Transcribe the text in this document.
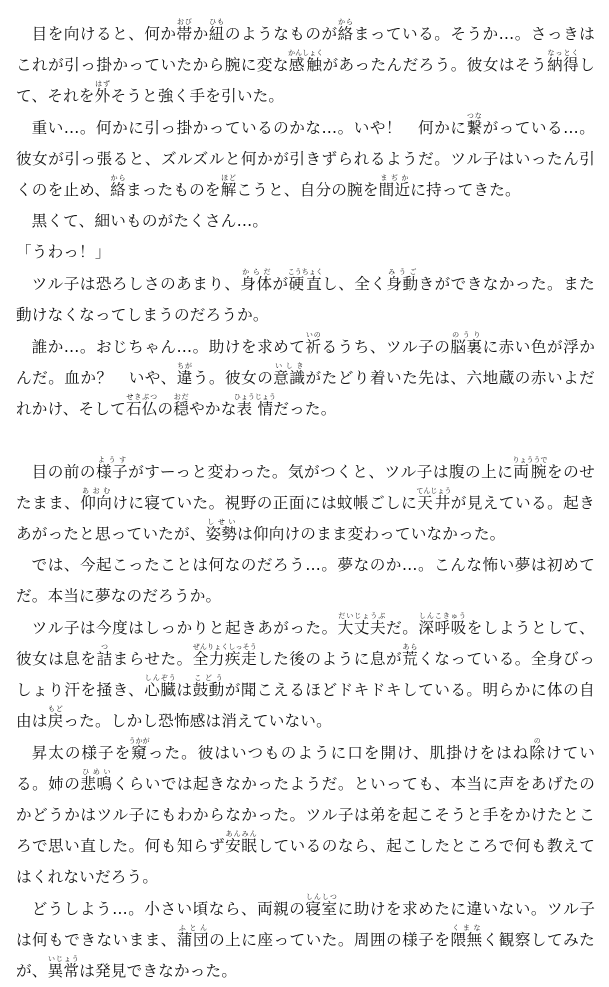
目を向けると、何か帯おびか紐ひものようなものが絡からまっている。そうか…。さっきはこれが引っ掛かっていたから腕に変な感触かんしょくがあったんだろう。彼女はそう納得なっとくして、それを外はずそうと強く手を引いた。

重い…。何かに引っ掛かっているのかな…。いや！　何かに繋つながっている…。彼女が引っ張ると、ズルズルと何かが引きずられるようだ。ツル子はいったん引くのを止め、絡からまったものを解ほどこうと、自分の腕を間近まぢかに持ってきた。

黒くて、細いものがたくさん…。

「うわっ！」

ツル子は恐ろしさのあまり、身体からだが硬直こうちょくし、全く身動みうごきができなかった。また動けなくなってしまうのだろうか。

誰か…。おじちゃん…。助けを求めて祈いのるうち、ツル子の脳裏のうりに赤い色が浮かんだ。血か？　いや、違ちがう。彼女の意識いしきがたどり着いた先は、六地蔵の赤いよだれかけ、そして石仏せきぶつの穏おだやかな表情ひょうじょうだった。

目の前の様子ようすがすーっと変わった。気がつくと、ツル子は腹の上に両腕りょううでをのせたまま、仰向あおむけに寝ていた。視野の正面には蚊帳ごしに天井てんじょうが見えている。起きあがったと思っていたが、姿勢しせいは仰向けのまま変わっていなかった。

では、今起こったことは何なのだろう…。夢なのか…。こんな怖い夢は初めてだ。本当に夢なのだろうか。

ツル子は今度はしっかりと起きあがった。大丈夫だいじょうぶだ。深呼吸しんこきゅうをしようとして、彼女は息を詰つまらせた。全力疾走ぜんりょくしっそうした後のように息が荒あらくなっている。全身びっしょり汗を掻き、心臓しんぞうは鼓動こどうが聞こえるほどドキドキしている。明らかに体の自由は戻もどった。しかし恐怖感は消えていない。

昇太の様子を窺うかがった。彼はいつものように口を開け、肌掛けをはね除のけている。姉の悲鳴ひめいくらいでは起きなかったようだ。といっても、本当に声をあげたのかどうかはツル子にもわからなかった。ツル子は弟を起こそうと手をかけたところで思い直した。何も知らず安眠あんみんしているのなら、起こしたところで何も教えてはくれないだろう。

どうしよう…。小さい頃なら、両親の寝室しんしつに助けを求めたに違いない。ツル子は何もできないまま、蒲団ふとんの上に座っていた。周囲の様子を隈無くまなく観察してみたが、異常いじょうは発見できなかった。
